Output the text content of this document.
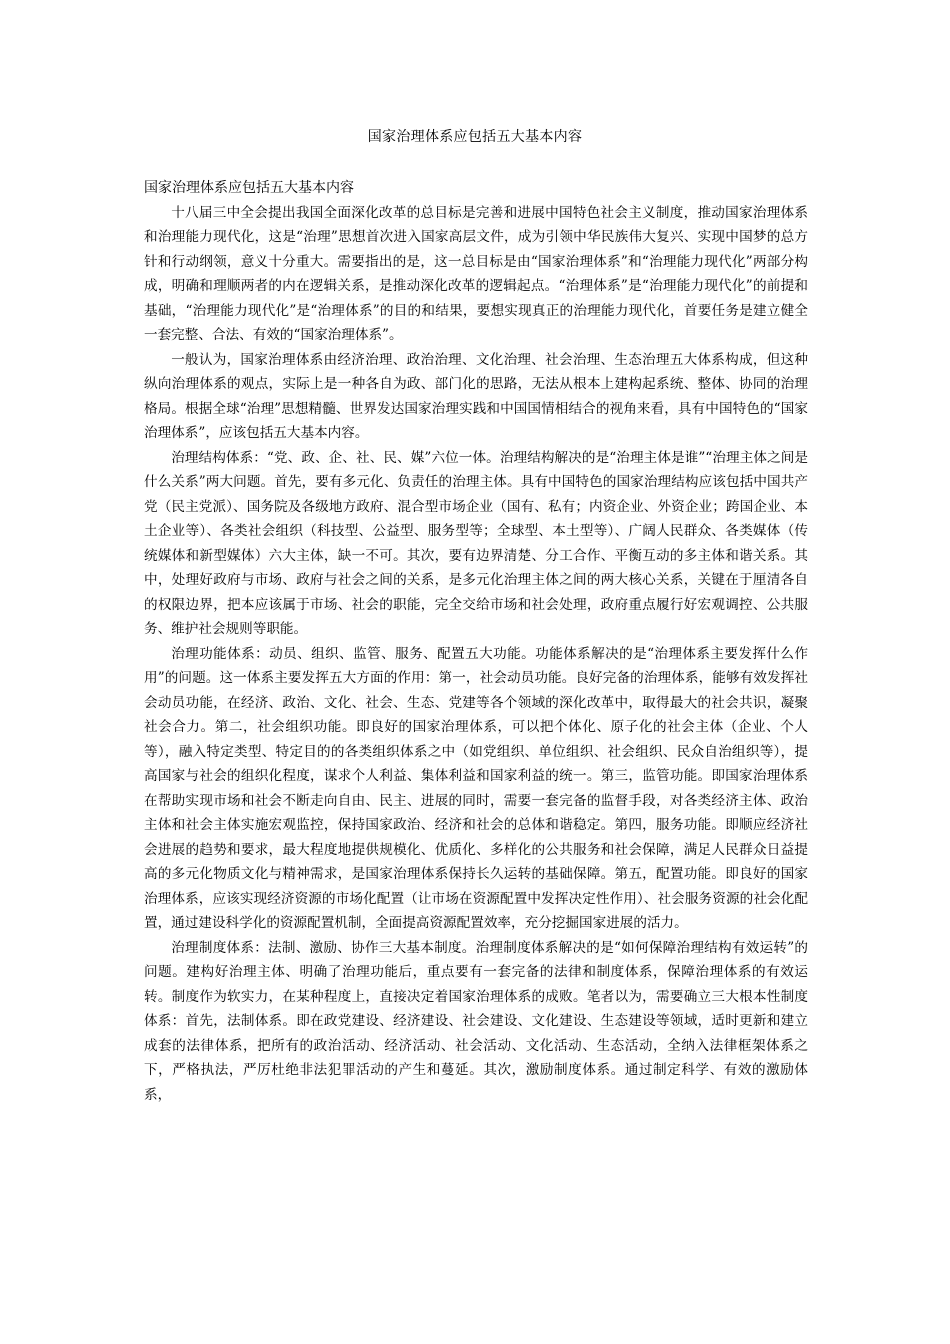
国家治理体系应包括五大基本内容

国家治理体系应包括五大基本内容

十八届三中全会提出我国全面深化改革的总目标是完善和进展中国特色社会主义制度，推动国家治理体系和治理能力现代化，这是“治理”思想首次进入国家高层文件，成为引领中华民族伟大复兴、实现中国梦的总方针和行动纲领，意义十分重大。需要指出的是，这一总目标是由“国家治理体系”和“治理能力现代化”两部分构成，明确和理顺两者的内在逻辑关系，是推动深化改革的逻辑起点。“治理体系”是“治理能力现代化”的前提和基础，“治理能力现代化”是“治理体系”的目的和结果，要想实现真正的治理能力现代化，首要任务是建立健全一套完整、合法、有效的“国家治理体系”。

一般认为，国家治理体系由经济治理、政治治理、文化治理、社会治理、生态治理五大体系构成，但这种纵向治理体系的观点，实际上是一种各自为政、部门化的思路，无法从根本上建构起系统、整体、协同的治理格局。根据全球“治理”思想精髓、世界发达国家治理实践和中国国情相结合的视角来看，具有中国特色的“国家治理体系”，应该包括五大基本内容。

治理结构体系：“党、政、企、社、民、媒”六位一体。治理结构解决的是“治理主体是谁”“治理主体之间是什么关系”两大问题。首先，要有多元化、负责任的治理主体。具有中国特色的国家治理结构应该包括中国共产党（民主党派）、国务院及各级地方政府、混合型市场企业（国有、私有；内资企业、外资企业；跨国企业、本土企业等）、各类社会组织（科技型、公益型、服务型等；全球型、本土型等）、广阔人民群众、各类媒体（传统媒体和新型媒体）六大主体，缺一不可。其次，要有边界清楚、分工合作、平衡互动的多主体和谐关系。其中，处理好政府与市场、政府与社会之间的关系，是多元化治理主体之间的两大核心关系，关键在于厘清各自的权限边界，把本应该属于市场、社会的职能，完全交给市场和社会处理，政府重点履行好宏观调控、公共服务、维护社会规则等职能。

治理功能体系：动员、组织、监管、服务、配置五大功能。功能体系解决的是“治理体系主要发挥什么作用”的问题。这一体系主要发挥五大方面的作用：第一，社会动员功能。良好完备的治理体系，能够有效发挥社会动员功能，在经济、政治、文化、社会、生态、党建等各个领域的深化改革中，取得最大的社会共识，凝聚社会合力。第二，社会组织功能。即良好的国家治理体系，可以把个体化、原子化的社会主体（企业、个人等），融入特定类型、特定目的的各类组织体系之中（如党组织、单位组织、社会组织、民众自治组织等），提高国家与社会的组织化程度，谋求个人利益、集体利益和国家利益的统一。第三，监管功能。即国家治理体系在帮助实现市场和社会不断走向自由、民主、进展的同时，需要一套完备的监督手段，对各类经济主体、政治主体和社会主体实施宏观监控，保持国家政治、经济和社会的总体和谐稳定。第四，服务功能。即顺应经济社会进展的趋势和要求，最大程度地提供规模化、优质化、多样化的公共服务和社会保障，满足人民群众日益提高的多元化物质文化与精神需求，是国家治理体系保持长久运转的基础保障。第五，配置功能。即良好的国家治理体系，应该实现经济资源的市场化配置（让市场在资源配置中发挥决定性作用）、社会服务资源的社会化配置，通过建设科学化的资源配置机制，全面提高资源配置效率，充分挖掘国家进展的活力。

治理制度体系：法制、激励、协作三大基本制度。治理制度体系解决的是“如何保障治理结构有效运转”的问题。建构好治理主体、明确了治理功能后，重点要有一套完备的法律和制度体系，保障治理体系的有效运转。制度作为软实力，在某种程度上，直接决定着国家治理体系的成败。笔者以为，需要确立三大根本性制度体系：首先，法制体系。即在政党建设、经济建设、社会建设、文化建设、生态建设等领域，适时更新和建立成套的法律体系，把所有的政治活动、经济活动、社会活动、文化活动、生态活动，全纳入法律框架体系之下，严格执法，严厉杜绝非法犯罪活动的产生和蔓延。其次，激励制度体系。通过制定科学、有效的激励体系，
